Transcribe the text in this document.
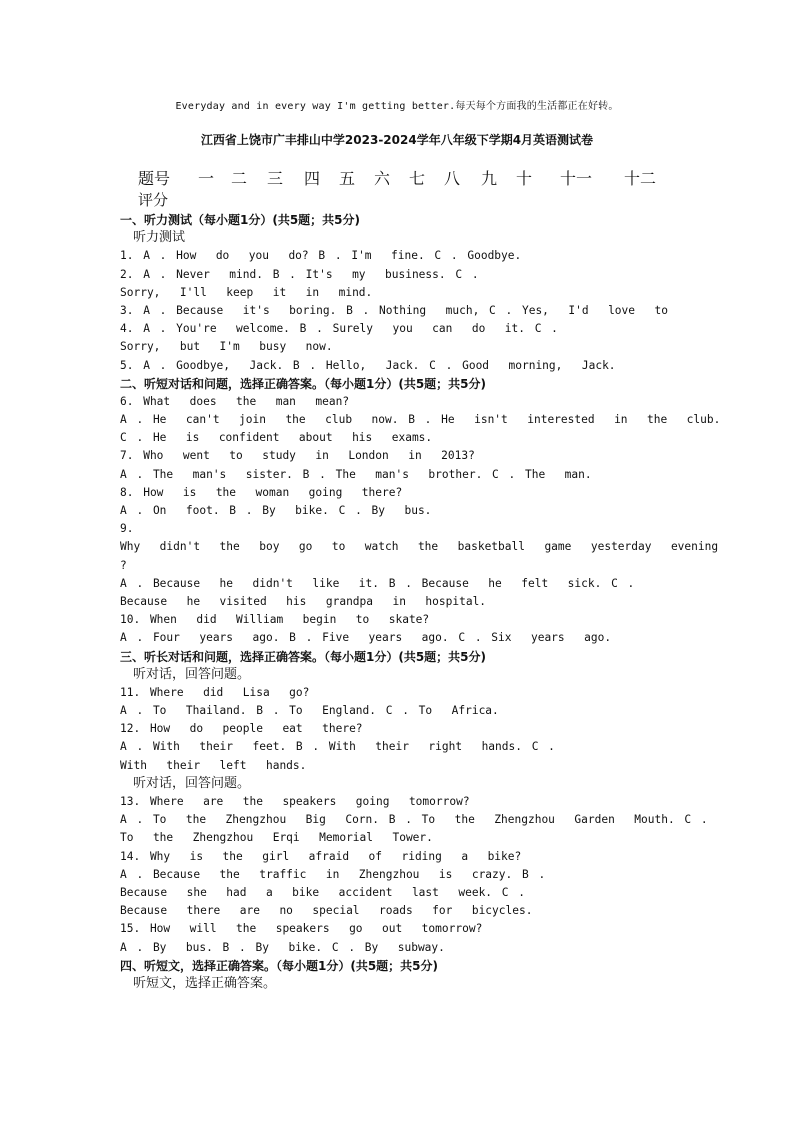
Everyday and in every way I'm getting better.每天每个方面我的生活都正在好转。
江西省上饶市广丰排山中学2023-2024学年八年级下学期4月英语测试卷
题号 一 二 三 四 五 六 七 八 九 十 十一 十二
评分
一、听力测试（每小题1分）(共5题；共5分)
听力测试
1. A . How  do  you  do? B . I'm  fine. C . Goodbye.
2. A . Never  mind. B . It's  my  business. C .
Sorry,  I'll  keep  it  in  mind.
3. A . Because  it's  boring. B . Nothing  much, C . Yes,  I'd  love  to
4. A . You're  welcome. B . Surely  you  can  do  it. C .
Sorry,  but  I'm  busy  now.
5. A . Goodbye,  Jack. B . Hello,  Jack. C . Good  morning,  Jack.
二、听短对话和问题，选择正确答案。（每小题1分）(共5题；共5分)
6. What  does  the  man  mean?
A . He  can't  join  the  club  now. B . He  isn't  interested  in  the  club.
C . He  is  confident  about  his  exams.
7. Who  went  to  study  in  London  in  2013?
A . The  man's  sister. B . The  man's  brother. C . The  man.
8. How  is  the  woman  going  there?
A . On  foot. B . By  bike. C . By  bus.
9.
Why  didn't  the  boy  go  to  watch  the  basketball  game  yesterday  evening
?
A . Because  he  didn't  like  it. B . Because  he  felt  sick. C .
Because  he  visited  his  grandpa  in  hospital.
10. When  did  William  begin  to  skate?
A . Four  years  ago. B . Five  years  ago. C . Six  years  ago.
三、听长对话和问题，选择正确答案。（每小题1分）(共5题；共5分)
听对话，回答问题。
11. Where  did  Lisa  go?
A . To  Thailand. B . To  England. C . To  Africa.
12. How  do  people  eat  there?
A . With  their  feet. B . With  their  right  hands. C .
With  their  left  hands.
听对话，回答问题。
13. Where  are  the  speakers  going  tomorrow?
A . To  the  Zhengzhou  Big  Corn. B . To  the  Zhengzhou  Garden  Mouth. C .
To  the  Zhengzhou  Erqi  Memorial  Tower.
14. Why  is  the  girl  afraid  of  riding  a  bike?
A . Because  the  traffic  in  Zhengzhou  is  crazy. B .
Because  she  had  a  bike  accident  last  week. C .
Because  there  are  no  special  roads  for  bicycles.
15. How  will  the  speakers  go  out  tomorrow?
A . By  bus. B . By  bike. C . By  subway.
四、听短文，选择正确答案。（每小题1分）(共5题；共5分)
听短文，选择正确答案。
